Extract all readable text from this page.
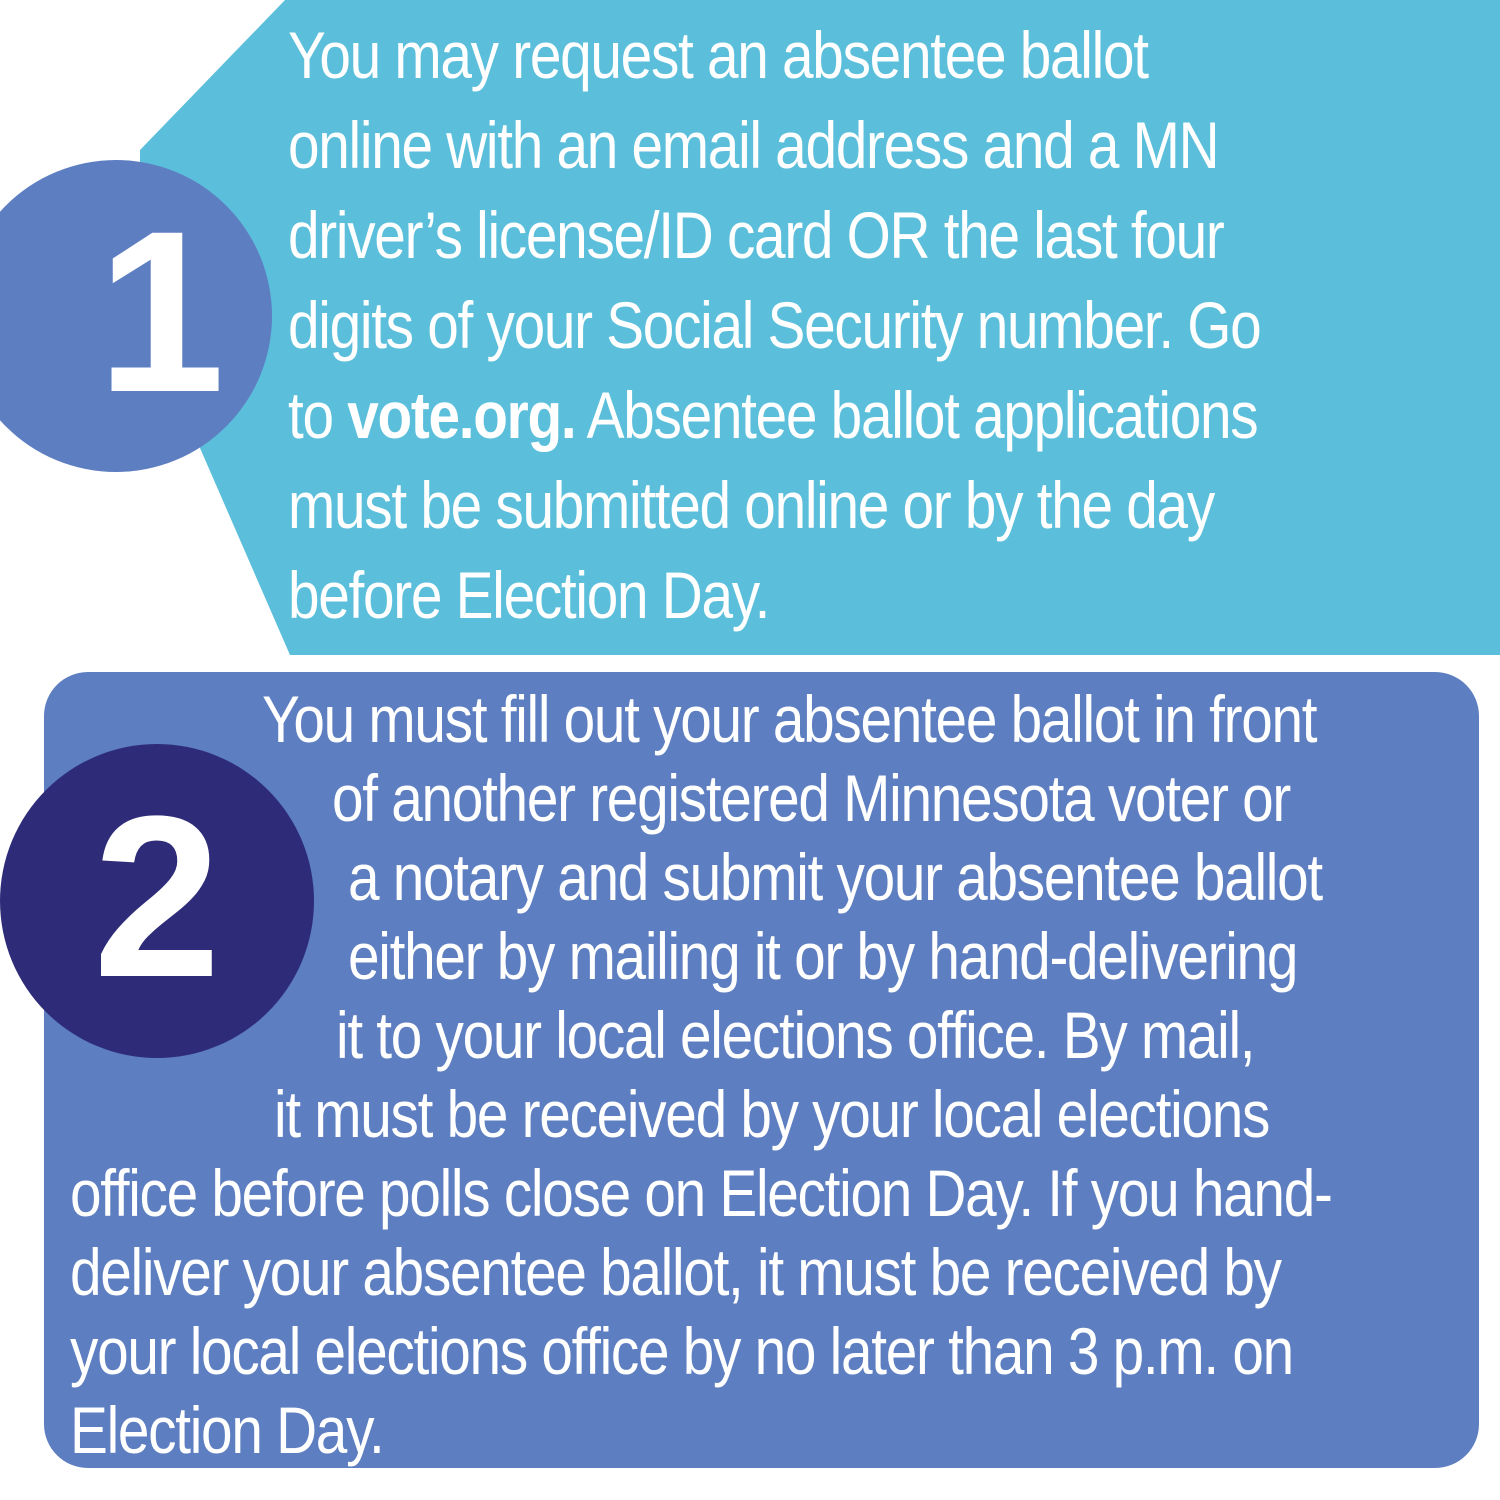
1
You may request an absentee ballot
online with an email address and a MN
driver’s license/ID card OR the last four
digits of your Social Security number. Go
to vote.org. Absentee ballot applications
must be submitted online or by the day
before Election Day.
2
You must fill out your absentee ballot in front
of another registered Minnesota voter or
a notary and submit your absentee ballot
either by mailing it or by hand-delivering
it to your local elections office. By mail,
it must be received by your local elections
office before polls close on Election Day. If you hand-
deliver your absentee ballot, it must be received by
your local elections office by no later than 3 p.m. on
Election Day.
